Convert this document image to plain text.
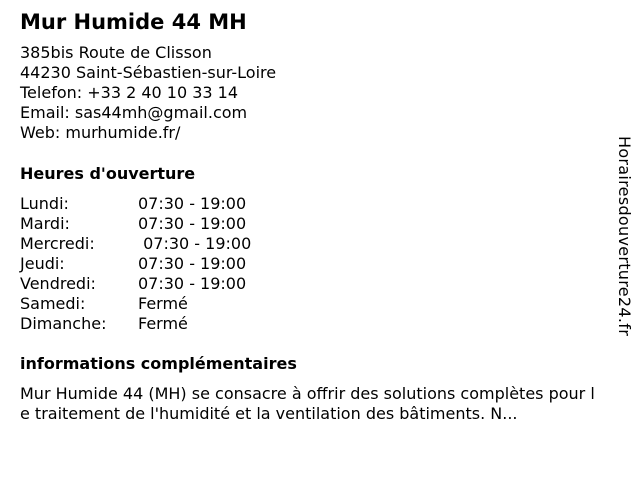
Mur Humide 44 MH
385bis Route de Clisson
44230 Saint-Sébastien-sur-Loire
Telefon: +33 2 40 10 33 14
Email: sas44mh@gmail.com
Web: murhumide.fr/
Heures d'ouverture
Lundi:	07:30 - 19:00
Mardi:	07:30 - 19:00
Mercredi:	07:30 - 19:00
Jeudi:	07:30 - 19:00
Vendredi:	07:30 - 19:00
Samedi:	Fermé
Dimanche: Fermé
informations complémentaires
Mur Humide 44 (MH) se consacre à offrir des solutions complètes pour le traitement de l'humidité et la ventilation des bâtiments. N...
Horairesdouverture24.fr
